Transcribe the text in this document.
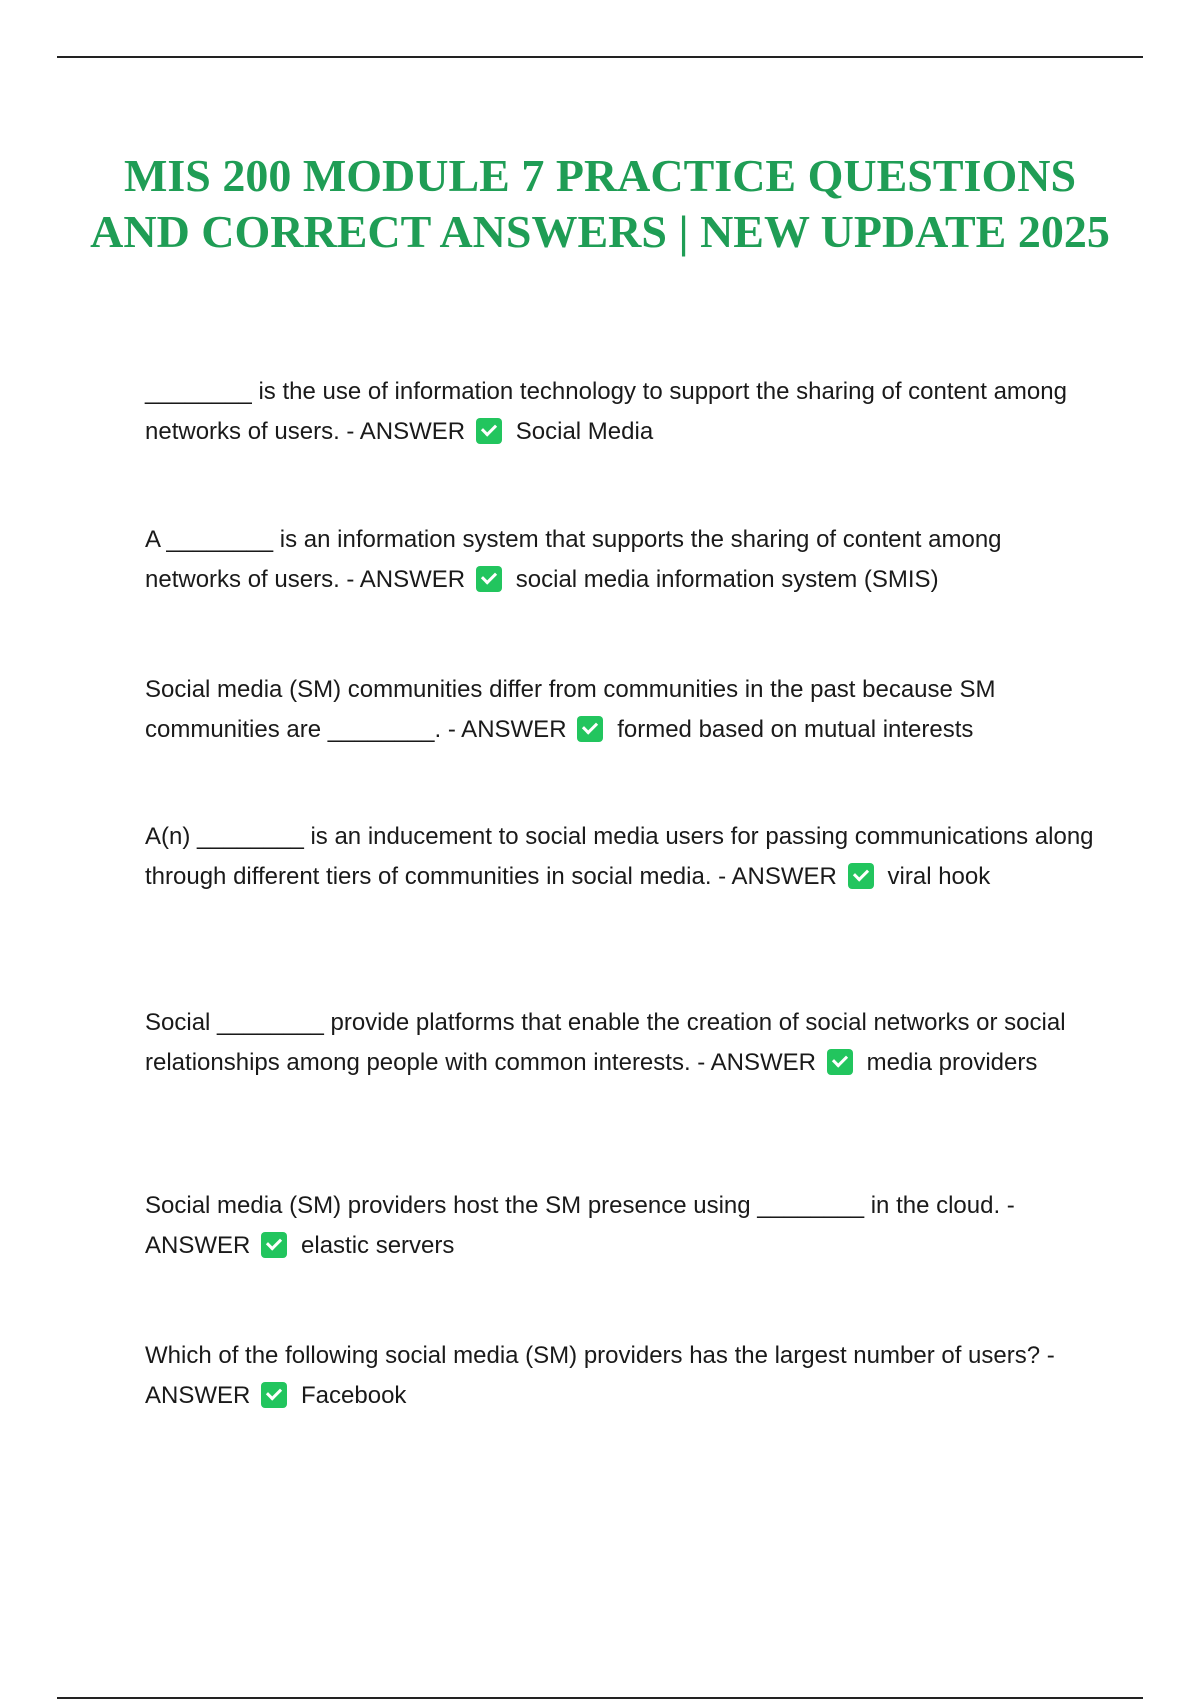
MIS 200 MODULE 7 PRACTICE QUESTIONS AND CORRECT ANSWERS | NEW UPDATE 2025

________ is the use of information technology to support the sharing of content among networks of users. - ANSWER Social Media

A ________ is an information system that supports the sharing of content among networks of users. - ANSWER social media information system (SMIS)

Social media (SM) communities differ from communities in the past because SM communities are ________. - ANSWER formed based on mutual interests

A(n) ________ is an inducement to social media users for passing communications along through different tiers of communities in social media. - ANSWER viral hook

Social ________ provide platforms that enable the creation of social networks or social relationships among people with common interests. - ANSWER media providers

Social media (SM) providers host the SM presence using ________ in the cloud. - ANSWER elastic servers

Which of the following social media (SM) providers has the largest number of users? - ANSWER Facebook
